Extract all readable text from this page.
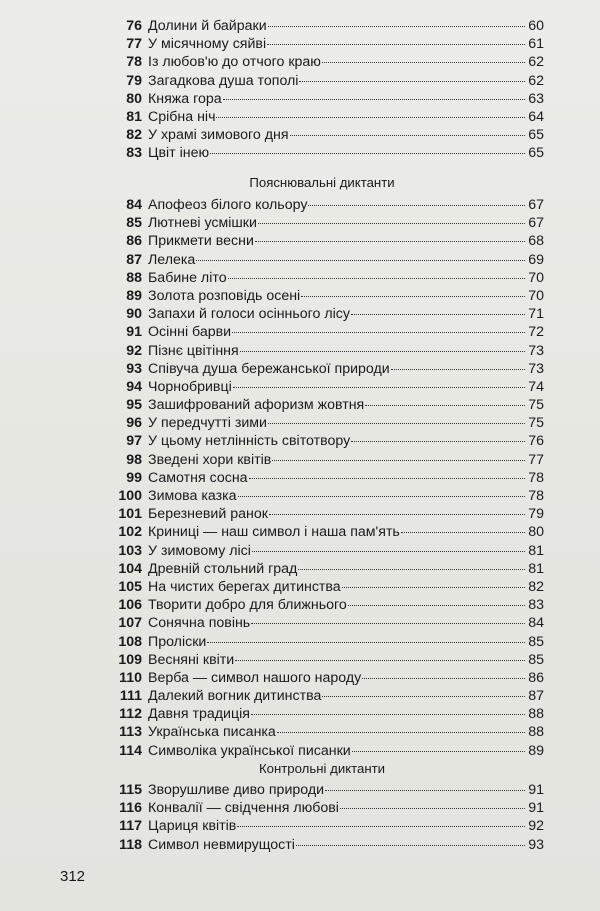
76 Долини й байраки	60
77 У місячному сяйві	61
78 Із любов'ю до отчого краю	62
79 Загадкова душа тополі	62
80 Княжа гора	63
81 Срібна ніч	64
82 У храмі зимового дня	65
83 Цвіт інею	65
Пояснювальні диктанти
84 Апофеоз білого кольору	67
85 Лютневі усмішки	67
86 Прикмети весни	68
87 Лелека	69
88 Бабине літо	70
89 Золота розповідь осені	70
90 Запахи й голоси осіннього лісу	71
91 Осінні барви	72
92 Пізнє цвітіння	73
93 Співуча душа бережанської природи	73
94 Чорнобривці	74
95 Зашифрований афоризм жовтня	75
96 У передчутті зими	75
97 У цьому нетлінність світотвору	76
98 Зведені хори квітів	77
99 Самотня сосна	78
100 Зимова казка	78
101 Березневий ранок	79
102 Криниці — наш символ і наша пам'ять	80
103 У зимовому лісі	81
104 Древній стольний град	81
105 На чистих берегах дитинства	82
106 Творити добро для ближнього	83
107 Сонячна повінь	84
108 Проліски	85
109 Весняні квіти	85
110 Верба — символ нашого народу	86
111 Далекий вогник дитинства	87
112 Давня традиція	88
113 Українська писанка	88
114 Символіка української писанки	89
Контрольні диктанти
115 Зворушливе диво природи	91
116 Конвалії — свідчення любові	91
117 Цариця квітів	92
118 Символ невмирущості	93
312
